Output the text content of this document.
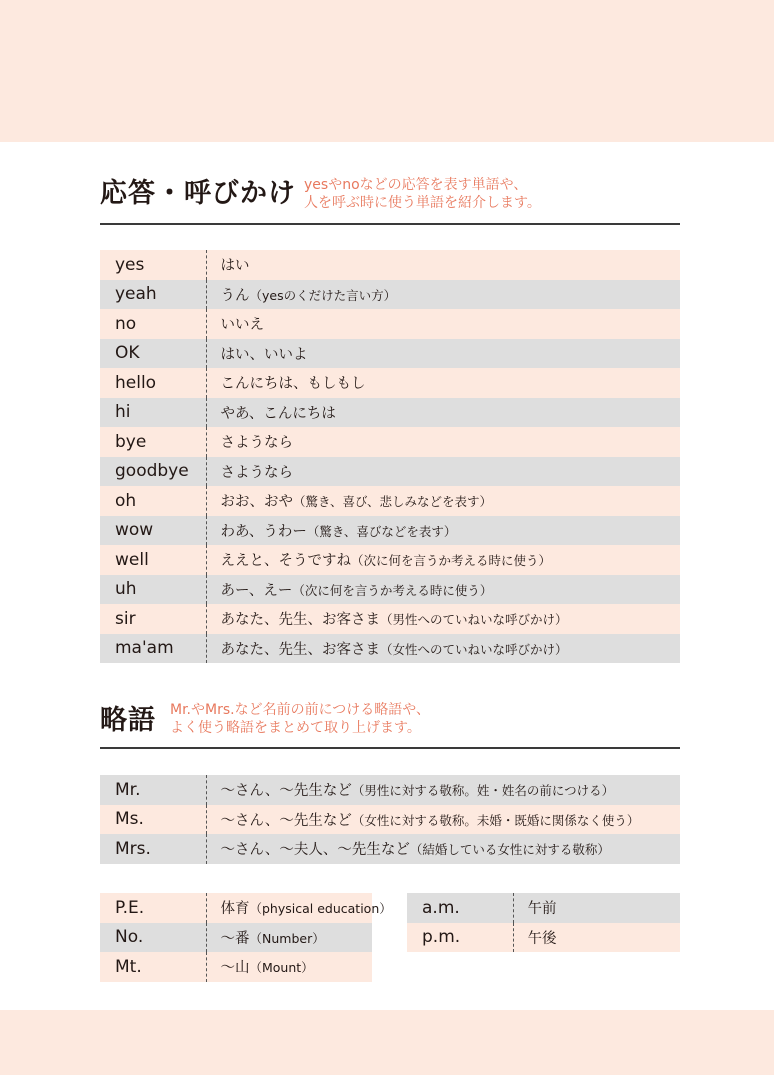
応答・呼びかけ yesやnoなどの応答を表す単語や、
人を呼ぶ時に使う単語を紹介します。
yes	はい
yeah	うん（yesのくだけた言い方）
no	いいえ
OK	はい、いいよ
hello	こんにちは、もしもし
hi	やあ、こんにちは
bye	さようなら
goodbye	さようなら
oh	おお、おや（驚き、喜び、悲しみなどを表す）
wow	わあ、うわー（驚き、喜びなどを表す）
well	ええと、そうですね（次に何を言うか考える時に使う）
uh	あー、えー（次に何を言うか考える時に使う）
sir	あなた、先生、お客さま（男性へのていねいな呼びかけ）
ma'am	あなた、先生、お客さま（女性へのていねいな呼びかけ）
略語 Mr.やMrs.など名前の前につける略語や、
よく使う略語をまとめて取り上げます。
Mr.	〜さん、〜先生など（男性に対する敬称。姓・姓名の前につける）
Ms.	〜さん、〜先生など（女性に対する敬称。未婚・既婚に関係なく使う）
Mrs.	〜さん、〜夫人、〜先生など（結婚している女性に対する敬称）
P.E.	体育（physical education）
No.	〜番（Number）
Mt.	〜山（Mount）
a.m.	午前
p.m.	午後
